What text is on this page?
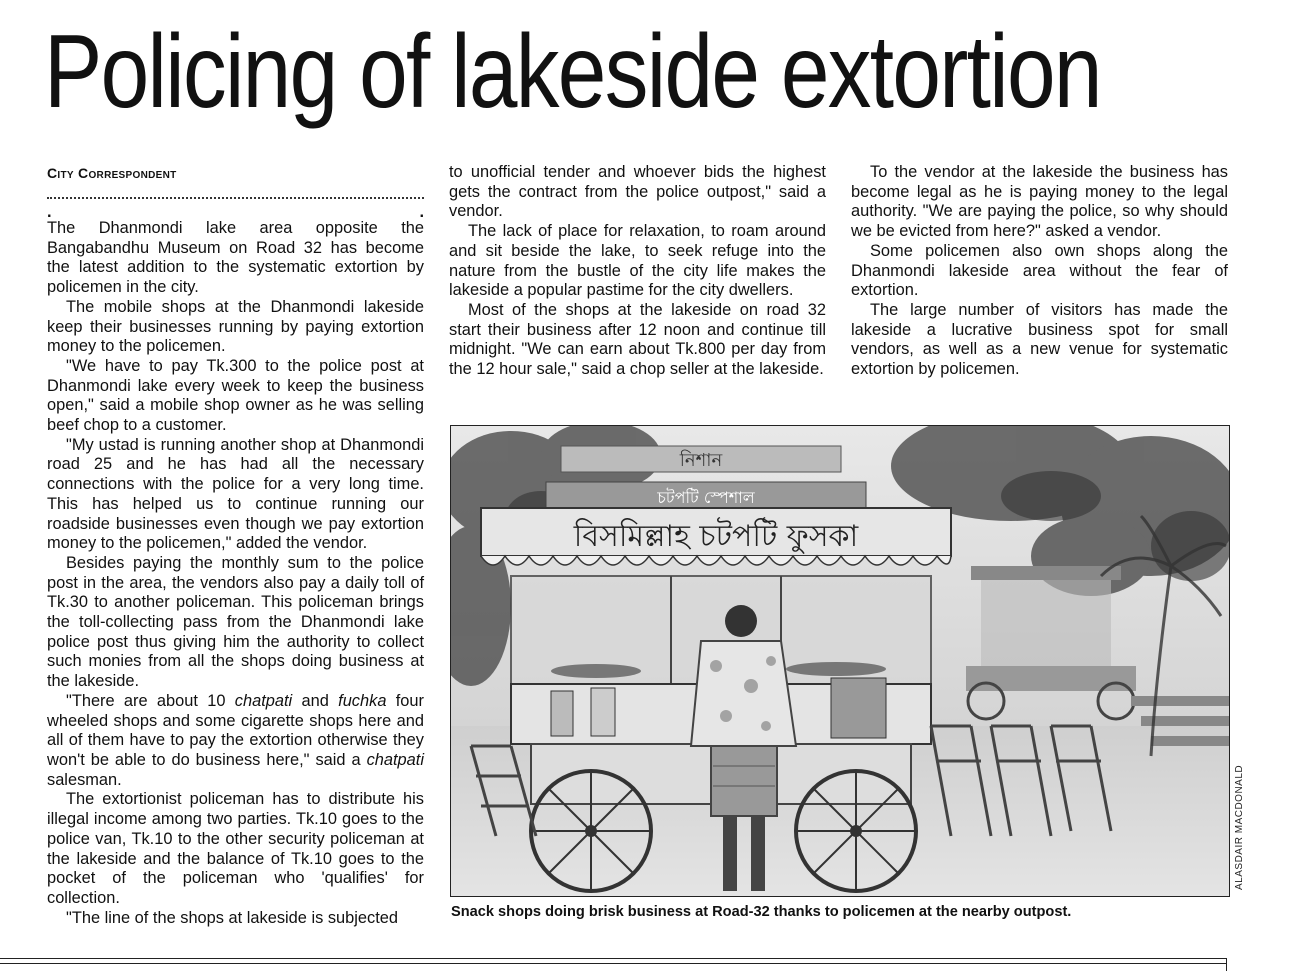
Policing of lakeside extortion
City Correspondent
.	.

The Dhanmondi lake area opposite the Bangabandhu Museum on Road 32 has become the latest addition to the systematic extortion by policemen in the city.

The mobile shops at the Dhanmondi lakeside keep their businesses running by paying extortion money to the policemen.

"We have to pay Tk.300 to the police post at Dhanmondi lake every week to keep the business open," said a mobile shop owner as he was selling beef chop to a customer.

"My ustad is running another shop at Dhanmondi road 25 and he has had all the necessary connections with the police for a very long time. This has helped us to continue running our roadside businesses even though we pay extortion money to the policemen," added the vendor.

Besides paying the monthly sum to the police post in the area, the vendors also pay a daily toll of Tk.30 to another policeman. This policeman brings the toll-collecting pass from the Dhanmondi lake police post thus giving him the authority to collect such monies from all the shops doing business at the lakeside.

"There are about 10 chatpati and fuchka four wheeled shops and some cigarette shops here and all of them have to pay the extortion otherwise they won't be able to do business here," said a chatpati salesman.

The extortionist policeman has to distribute his illegal income among two parties. Tk.10 goes to the police van, Tk.10 to the other security policeman at the lakeside and the balance of Tk.10 goes to the pocket of the policeman who 'qualifies' for collection.

"The line of the shops at lakeside is subjected

to unofficial tender and whoever bids the highest gets the contract from the police outpost," said a vendor.

The lack of place for relaxation, to roam around and sit beside the lake, to seek refuge into the nature from the bustle of the city life makes the lakeside a popular pastime for the city dwellers.

Most of the shops at the lakeside on road 32 start their business after 12 noon and continue till midnight. "We can earn about Tk.800 per day from the 12 hour sale," said a chop seller at the lakeside.

To the vendor at the lakeside the business has become legal as he is paying money to the legal authority. "We are paying the police, so why should we be evicted from here?" asked a vendor.

Some policemen also own shops along the Dhanmondi lakeside area without the fear of extortion.

The large number of visitors has made the lakeside a lucrative business spot for small vendors, as well as a new venue for systematic extortion by policemen.

নিশান
চটপটি স্পেশাল
বিসমিল্লাহ চটপটি ফুসকা
ALASDAIR MACDONALD
Snack shops doing brisk business at Road-32 thanks to policemen at the nearby outpost.
